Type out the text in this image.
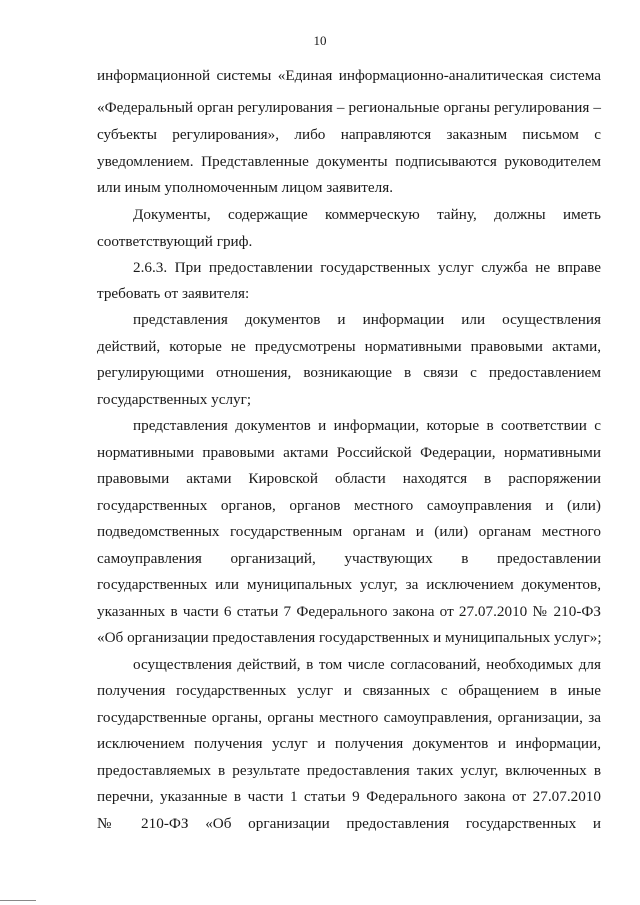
10
информационной системы «Единая информационно-аналитическая система
«Федеральный орган регулирования – региональные органы регулирования –
субъекты регулирования», либо направляются заказным письмом с
уведомлением. Представленные документы подписываются руководителем
или иным уполномоченным лицом заявителя.
Документы, содержащие коммерческую тайну, должны иметь
соответствующий гриф.
2.6.3. При предоставлении государственных услуг служба не вправе
требовать от заявителя:
представления документов и информации или осуществления
действий, которые не предусмотрены нормативными правовыми актами,
регулирующими отношения, возникающие в связи с предоставлением
государственных услуг;
представления документов и информации, которые в соответствии с
нормативными правовыми актами Российской Федерации, нормативными
правовыми актами Кировской области находятся в распоряжении
государственных органов, органов местного самоуправления и (или)
подведомственных государственным органам и (или) органам местного
самоуправления организаций, участвующих в предоставлении
государственных или муниципальных услуг, за исключением документов,
указанных в части 6 статьи 7 Федерального закона от 27.07.2010 № 210-ФЗ
«Об организации предоставления государственных и муниципальных услуг»;
осуществления действий, в том числе согласований, необходимых для
получения государственных услуг и связанных с обращением в иные
государственные органы, органы местного самоуправления, организации, за
исключением получения услуг и получения документов и информации,
предоставляемых в результате предоставления таких услуг, включенных в
перечни, указанные в части 1 статьи 9 Федерального закона от 27.07.2010
№ 210-ФЗ «Об организации предоставления государственных и
